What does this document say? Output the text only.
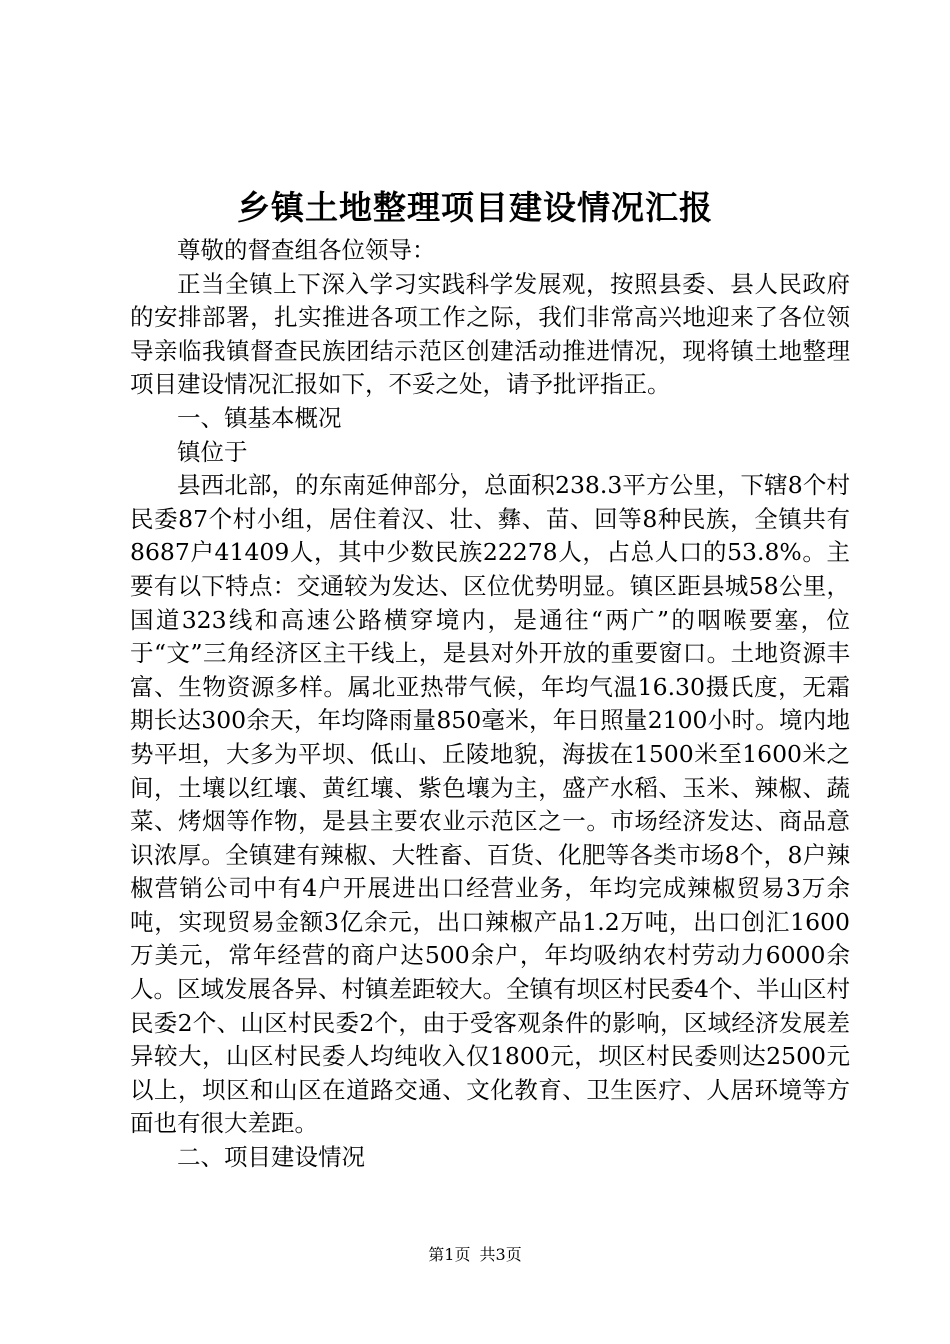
乡镇土地整理项目建设情况汇报

尊敬的督查组各位领导：

正当全镇上下深入学习实践科学发展观，按照县委、县人民政府的安排部署，扎实推进各项工作之际，我们非常高兴地迎来了各位领导亲临我镇督查民族团结示范区创建活动推进情况，现将镇土地整理项目建设情况汇报如下，不妥之处，请予批评指正。

一、镇基本概况

镇位于

县西北部，的东南延伸部分，总面积238.3平方公里，下辖8个村民委87个村小组，居住着汉、壮、彝、苗、回等8种民族，全镇共有8687户41409人，其中少数民族22278人，占总人口的53.8%。主要有以下特点：交通较为发达、区位优势明显。镇区距县城58公里，国道323线和高速公路横穿境内，是通往“两广”的咽喉要塞，位于“文”三角经济区主干线上，是县对外开放的重要窗口。土地资源丰富、生物资源多样。属北亚热带气候，年均气温16.30摄氏度，无霜期长达300余天，年均降雨量850毫米，年日照量2100小时。境内地势平坦，大多为平坝、低山、丘陵地貌，海拔在1500米至1600米之间，土壤以红壤、黄红壤、紫色壤为主，盛产水稻、玉米、辣椒、蔬菜、烤烟等作物，是县主要农业示范区之一。市场经济发达、商品意识浓厚。全镇建有辣椒、大牲畜、百货、化肥等各类市场8个，8户辣椒营销公司中有4户开展进出口经营业务，年均完成辣椒贸易3万余吨，实现贸易金额3亿余元，出口辣椒产品1.2万吨，出口创汇1600万美元，常年经营的商户达500余户，年均吸纳农村劳动力6000余人。区域发展各异、村镇差距较大。全镇有坝区村民委4个、半山区村民委2个、山区村民委2个，由于受客观条件的影响，区域经济发展差异较大，山区村民委人均纯收入仅1800元，坝区村民委则达2500元以上，坝区和山区在道路交通、文化教育、卫生医疗、人居环境等方面也有很大差距。

二、项目建设情况

第1页 共3页
